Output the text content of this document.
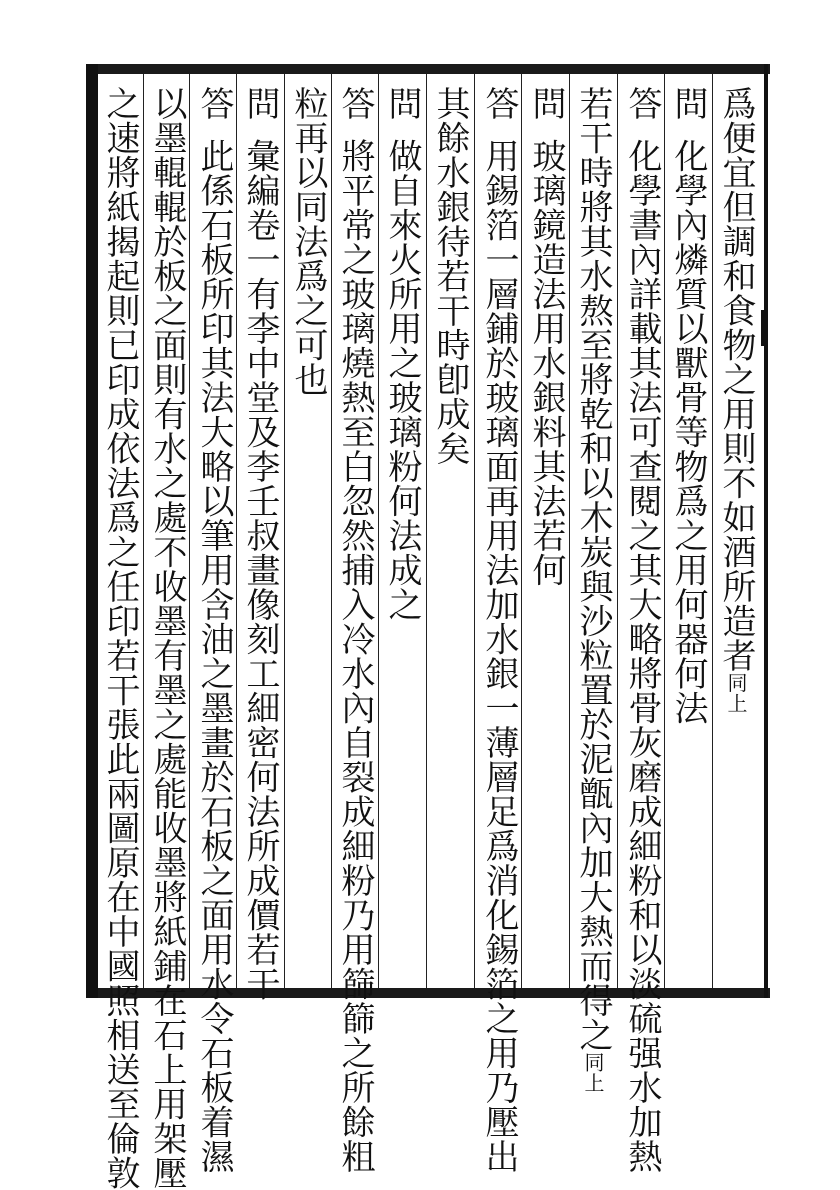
爲便宜但調和食物之用則不如酒所造者同上
問化學內燐質以獸骨等物爲之用何器何法
答化學書內詳載其法可查閱之其大略將骨灰磨成細粉和以淡硫强水加熱
若干時將其水熬至將乾和以木炭與沙粒置於泥甑內加大熱而得之同上
問玻璃鏡造法用水銀料其法若何
答用錫箔一層鋪於玻璃面再用法加水銀一薄層足爲消化錫箔之用乃壓出
其餘水銀待若干時卽成矣
問做自來火所用之玻璃粉何法成之
答將平常之玻璃燒熱至白忽然捕入冷水內自裂成細粉乃用篩篩之所餘粗
粒再以同法爲之可也
問彙編卷一有李中堂及李壬叔畫像刻工細密何法所成價若干
答此係石板所印其法大略以筆用含油之墨畫於石板之面用水令石板着濕
以墨輥輥於板之面則有水之處不收墨有墨之處能收墨將紙鋪在石上用架壓
之速將紙揭起則已印成依法爲之任印若干張此兩圖原在中國照相送至倫敦
